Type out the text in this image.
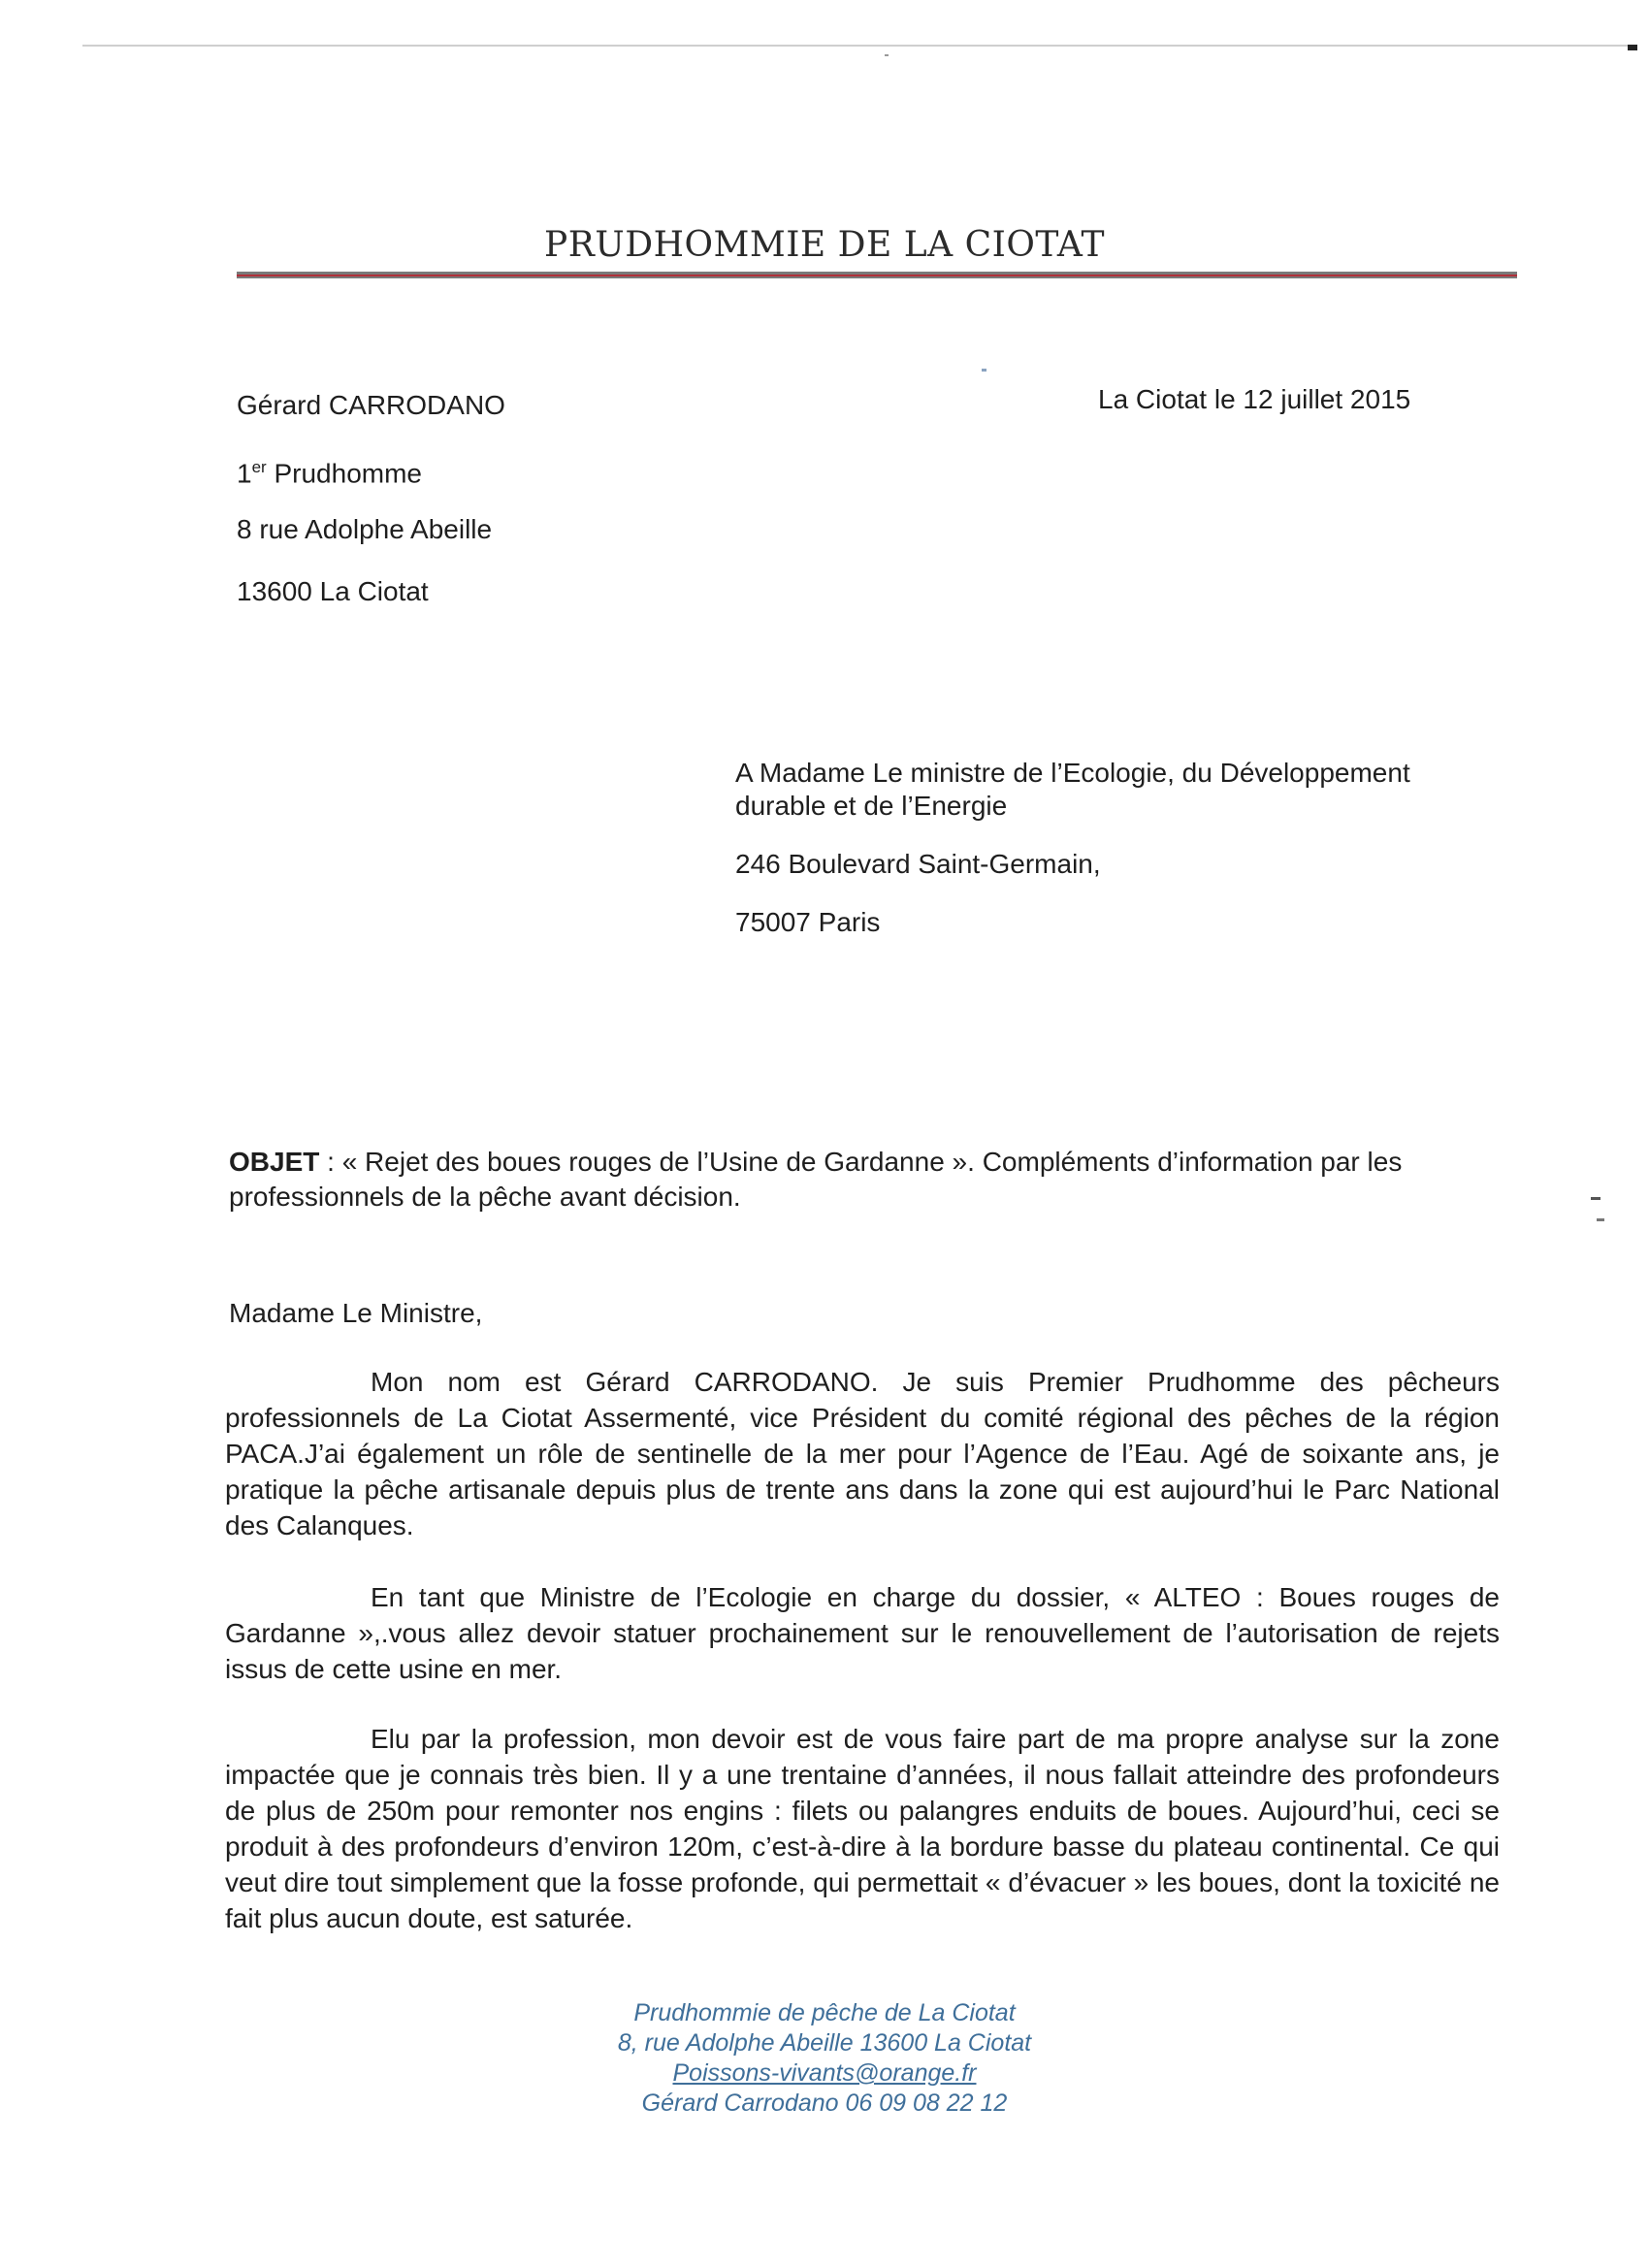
PRUDHOMMIE DE LA CIOTAT
Gérard CARRODANO
1er Prudhomme
8 rue Adolphe Abeille
13600 La Ciotat
La Ciotat le 12 juillet 2015
A Madame Le ministre de l’Ecologie, du Développement durable et de l’Energie
246 Boulevard Saint-Germain,
75007 Paris
OBJET : « Rejet des boues rouges de l’Usine de Gardanne ». Compléments d’information par les professionnels de la pêche avant décision.
Madame Le Ministre,
Mon nom est Gérard CARRODANO. Je suis Premier Prudhomme des pêcheurs professionnels de La Ciotat Assermenté, vice Président du comité régional des pêches de la région PACA.J’ai également un rôle de sentinelle de la mer pour l’Agence de l’Eau. Agé de soixante ans, je pratique la pêche artisanale depuis plus de trente ans dans la zone qui est aujourd’hui le Parc National des Calanques.
En tant que Ministre de l’Ecologie en charge du dossier, « ALTEO : Boues rouges de Gardanne »,.vous allez devoir statuer prochainement sur le renouvellement de l’autorisation de rejets issus de cette usine en mer.
Elu par la profession, mon devoir est de vous faire part de ma propre analyse sur la zone impactée que je connais très bien. Il y a une trentaine d’années, il nous fallait atteindre des profondeurs de plus de 250m pour remonter nos engins : filets ou palangres enduits de boues. Aujourd’hui, ceci se produit à des profondeurs d’environ 120m, c’est-à-dire à la bordure basse du plateau continental. Ce qui veut dire tout simplement que la fosse profonde, qui permettait « d’évacuer » les boues, dont la toxicité ne fait plus aucun doute, est saturée.
Prudhommie de pêche de La Ciotat
8, rue Adolphe Abeille 13600 La Ciotat
Poissons-vivants@orange.fr
Gérard Carrodano 06 09 08 22 12
